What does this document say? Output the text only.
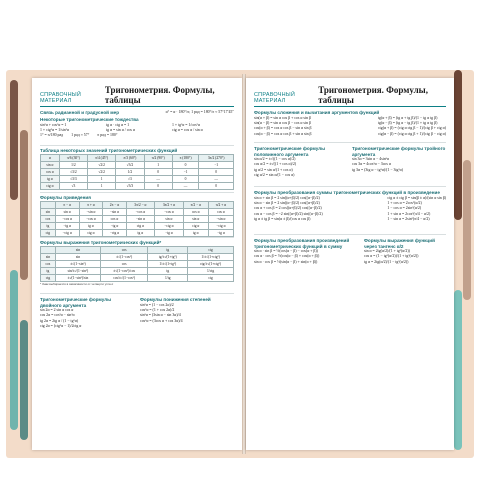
СПРАВОЧНЫЙ МАТЕРИАЛ
Тригонометрия. Формулы, таблицы
Связь радианной и градусной мер	α° = α · 180°/π; 1 рад = 180°/π ≈ 57°17′45″
Некоторые тригонометрические тождества
sin²α + cos²α = 1	tg α · ctg α = 1	1 + tg²α = 1/cos²α
1 + ctg²α = 1/sin²α	tg α = sin α / cos α	ctg α = cos α / sin α
1° = π/180 рад 1 рад ≈ 57° π рад = 180°
Таблица некоторых значений тригонометрических функций
α	π/6 (30°)	π/4 (45°)	π/3 (60°)	π/2 (90°)	π (180°)	3π/2 (270°)
sin α	1/2	√2/2	√3/2	1	0	−1
cos α	√3/2	√2/2	1/2	0	−1	0
tg α	√3/3	1	√3	—	0	—
ctg α	√3	1	√3/3	0	—	0
Формулы приведения
	π − α	π + α	2π − α	3π/2 − α	3π/2 + α	π/2 − α	π/2 + α
sin	sin α	−sin α	−sin α	−cos α	−cos α	cos α	cos α
cos	−cos α	−cos α	cos α	−sin α	sin α	sin α	−sin α
tg	−tg α	tg α	−tg α	ctg α	−ctg α	ctg α	−ctg α
ctg	−ctg α	ctg α	−ctg α	tg α	−tg α	tg α	−tg α
Формулы выражения тригонометрических функций*
	sin	cos	tg	ctg
sin	sin	±√(1−cos²)	tg/±√(1+tg²)	1/±√(1+ctg²)
cos	±√(1−sin²)	cos	1/±√(1+tg²)	ctg/±√(1+ctg²)
tg	sin/±√(1−sin²)	±√(1−cos²)/cos	tg	1/ctg
ctg	±√(1−sin²)/sin	cos/±√(1−cos²)	1/tg	ctg
* Знак выбирается в зависимости от четверти угла α
Тригонометрические формулы двойного аргумента
sin 2α = 2 sin α cos α
cos 2α = cos²α − sin²α
tg 2α = 2tg α / (1 − tg²α)
ctg 2α = (ctg²α − 1)/2ctg α
Формулы понижения степеней
sin²α = (1 − cos 2α)/2
cos²α = (1 + cos 2α)/2
sin³α = (3sin α − sin 3α)/4
cos³α = (3cos α + cos 3α)/4
СПРАВОЧНЫЙ МАТЕРИАЛ
Тригонометрия. Формулы, таблицы
Формулы сложения и вычитания аргументов функций
sin(α + β) = sin α cos β + cos α sin β
sin(α − β) = sin α cos β − cos α sin β
cos(α + β) = cos α cos β − sin α sin β
cos(α − β) = cos α cos β + sin α sin β
tg(α + β) = (tg α + tg β)/(1 − tg α tg β)
tg(α − β) = (tg α − tg β)/(1 + tg α tg β)
ctg(α + β) = (ctg α ctg β − 1)/(ctg β + ctg α)
ctg(α − β) = (ctg α ctg β + 1)/(ctg β − ctg α)
Тригонометрические формулы половинного аргумента
sin α/2 = ±√((1 − cos α)/2)
cos α/2 = ±√((1 + cos α)/2)
tg α/2 = sin α/(1 + cos α)
ctg α/2 = sin α/(1 − cos α)
Тригонометрические формулы тройного аргумента
sin 3α = 3sin α − 4sin³α
cos 3α = 4cos³α − 3cos α
tg 3α = (3tg α − tg³α)/(1 − 3tg²α)
Формулы преобразования суммы тригонометрических функций в произведение
sin α + sin β = 2 sin((α+β)/2) cos((α−β)/2)
sin α − sin β = 2 sin((α−β)/2) cos((α+β)/2)
cos α + cos β = 2 cos((α+β)/2) cos((α−β)/2)
cos α − cos β = −2 sin((α+β)/2) sin((α−β)/2)
tg α ± tg β = sin(α ± β)/(cos α cos β)
ctg α ± ctg β = sin(β ± α)/(sin α sin β)
1 + cos α = 2cos²(α/2)
1 − cos α = 2sin²(α/2)
1 + sin α = 2cos²(π/4 − α/2)
1 − sin α = 2sin²(π/4 − α/2)
Формулы преобразования произведений тригонометрических функций в сумму
sin α · sin β = ½(cos(α − β) − cos(α + β))
cos α · cos β = ½(cos(α − β) + cos(α + β))
sin α · cos β = ½(sin(α − β) + sin(α + β))
Формулы выражения функций через тангенс α/2
sin α = 2tg(α/2)/(1 + tg²(α/2))
cos α = (1 − tg²(α/2))/(1 + tg²(α/2))
tg α = 2tg(α/2)/(1 − tg²(α/2))
